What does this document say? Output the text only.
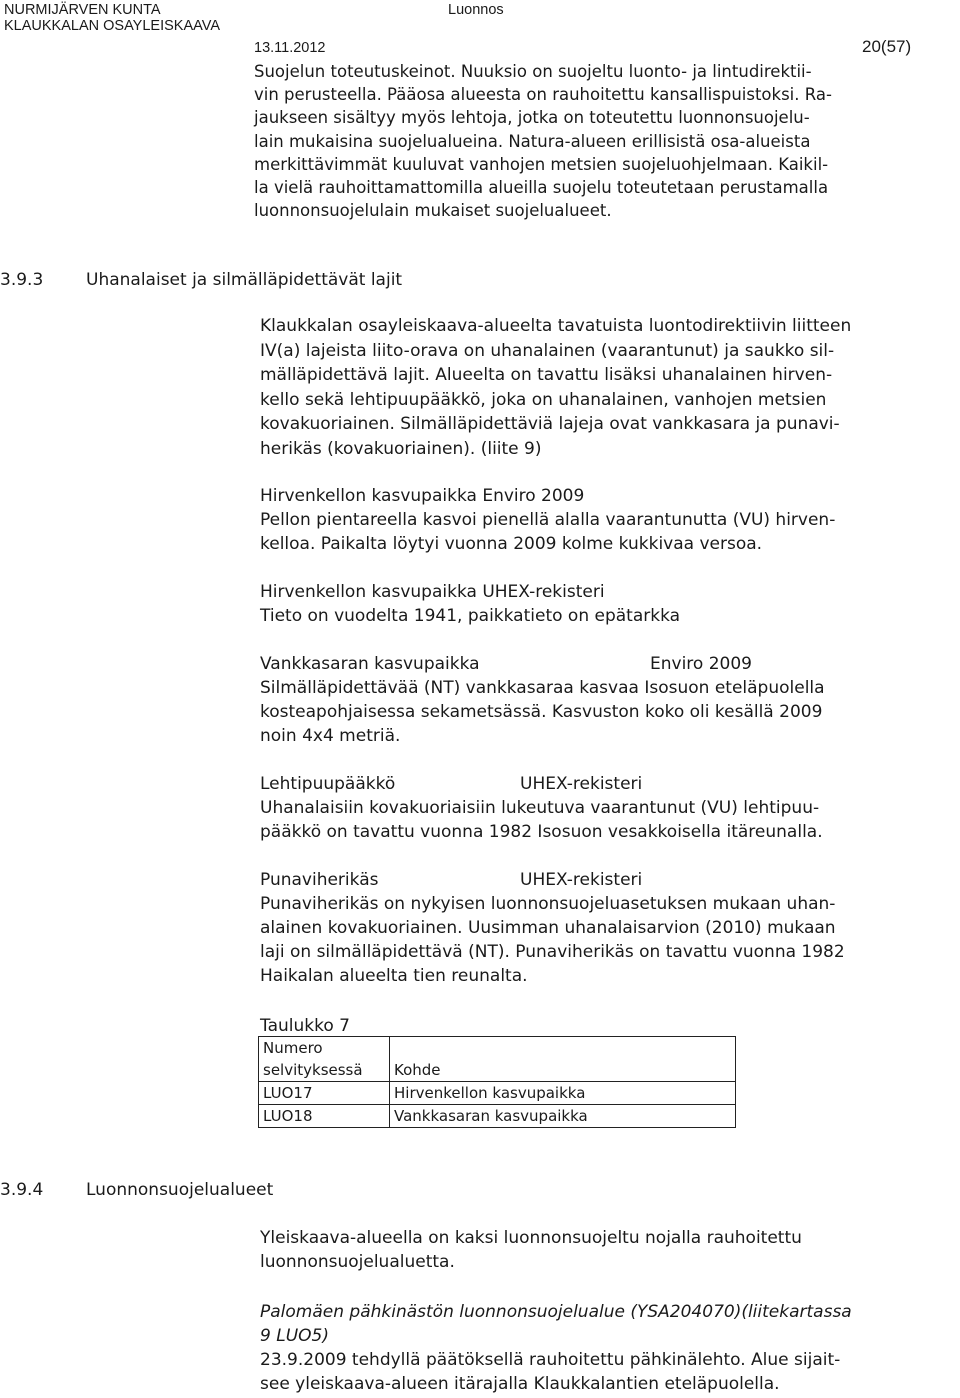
NURMIJÄRVEN KUNTA
KLAUKKALAN OSAYLEISKAAVA
Luonnos
13.11.2012	20(57)
Suojelun toteutuskeinot. Nuuksio on suojeltu luonto- ja lintudirektii-
vin perusteella. Pääosa alueesta on rauhoitettu kansallispuistoksi. Ra-
jaukseen sisältyy myös lehtoja, jotka on toteutettu luonnonsuojelu-
lain mukaisina suojelualueina. Natura-alueen erillisistä osa-alueista
merkittävimmät kuuluvat vanhojen metsien suojeluohjelmaan. Kaikil-
la vielä rauhoittamattomilla alueilla suojelu toteutetaan perustamalla
luonnonsuojelulain mukaiset suojelualueet.
3.9.3	Uhanalaiset ja silmälläpidettävät lajit
Klaukkalan osayleiskaava-alueelta tavatuista luontodirektiivin liitteen
IV(a) lajeista liito-orava on uhanalainen (vaarantunut) ja saukko sil-
mälläpidettävä lajit. Alueelta on tavattu lisäksi uhanalainen hirven-
kello sekä lehtipuupääkkö, joka on uhanalainen, vanhojen metsien
kovakuoriainen. Silmälläpidettäviä lajeja ovat vankkasara ja punavi-
herikäs (kovakuoriainen). (liite 9)
Hirvenkellon kasvupaikka Enviro 2009
Pellon pientareella kasvoi pienellä alalla vaarantunutta (VU) hirven-
kelloa. Paikalta löytyi vuonna 2009 kolme kukkivaa versoa.
Hirvenkellon kasvupaikka UHEX-rekisteri
Tieto on vuodelta 1941, paikkatieto on epätarkka
Vankkasaran kasvupaikka	Enviro 2009
Silmälläpidettävää (NT) vankkasaraa kasvaa Isosuon eteläpuolella
kosteapohjaisessa sekametsässä. Kasvuston koko oli kesällä 2009
noin 4x4 metriä.
Lehtipuupääkkö	UHEX-rekisteri
Uhanalaisiin kovakuoriaisiin lukeutuva vaarantunut (VU) lehtipuu-
pääkkö on tavattu vuonna 1982 Isosuon vesakkoisella itäreunalla.
Punaviherikäs	UHEX-rekisteri
Punaviherikäs on nykyisen luonnonsuojeluasetuksen mukaan uhan-
alainen kovakuoriainen. Uusimman uhanalaisarvion (2010) mukaan
laji on silmälläpidettävä (NT). Punaviherikäs on tavattu vuonna 1982
Haikalan alueelta tien reunalta.
Taulukko 7
Numero
selvityksessä	Kohde
LUO17	Hirvenkellon kasvupaikka
LUO18	Vankkasaran kasvupaikka
3.9.4	Luonnonsuojelualueet
Yleiskaava-alueella on kaksi luonnonsuojeltu nojalla rauhoitettu
luonnonsuojelualuetta.
Palomäen pähkinästön luonnonsuojelualue (YSA204070)(liitekartassa
9 LUO5)
23.9.2009 tehdyllä päätöksellä rauhoitettu pähkinälehto. Alue sijait-
see yleiskaava-alueen itärajalla Klaukkalantien eteläpuolella.
